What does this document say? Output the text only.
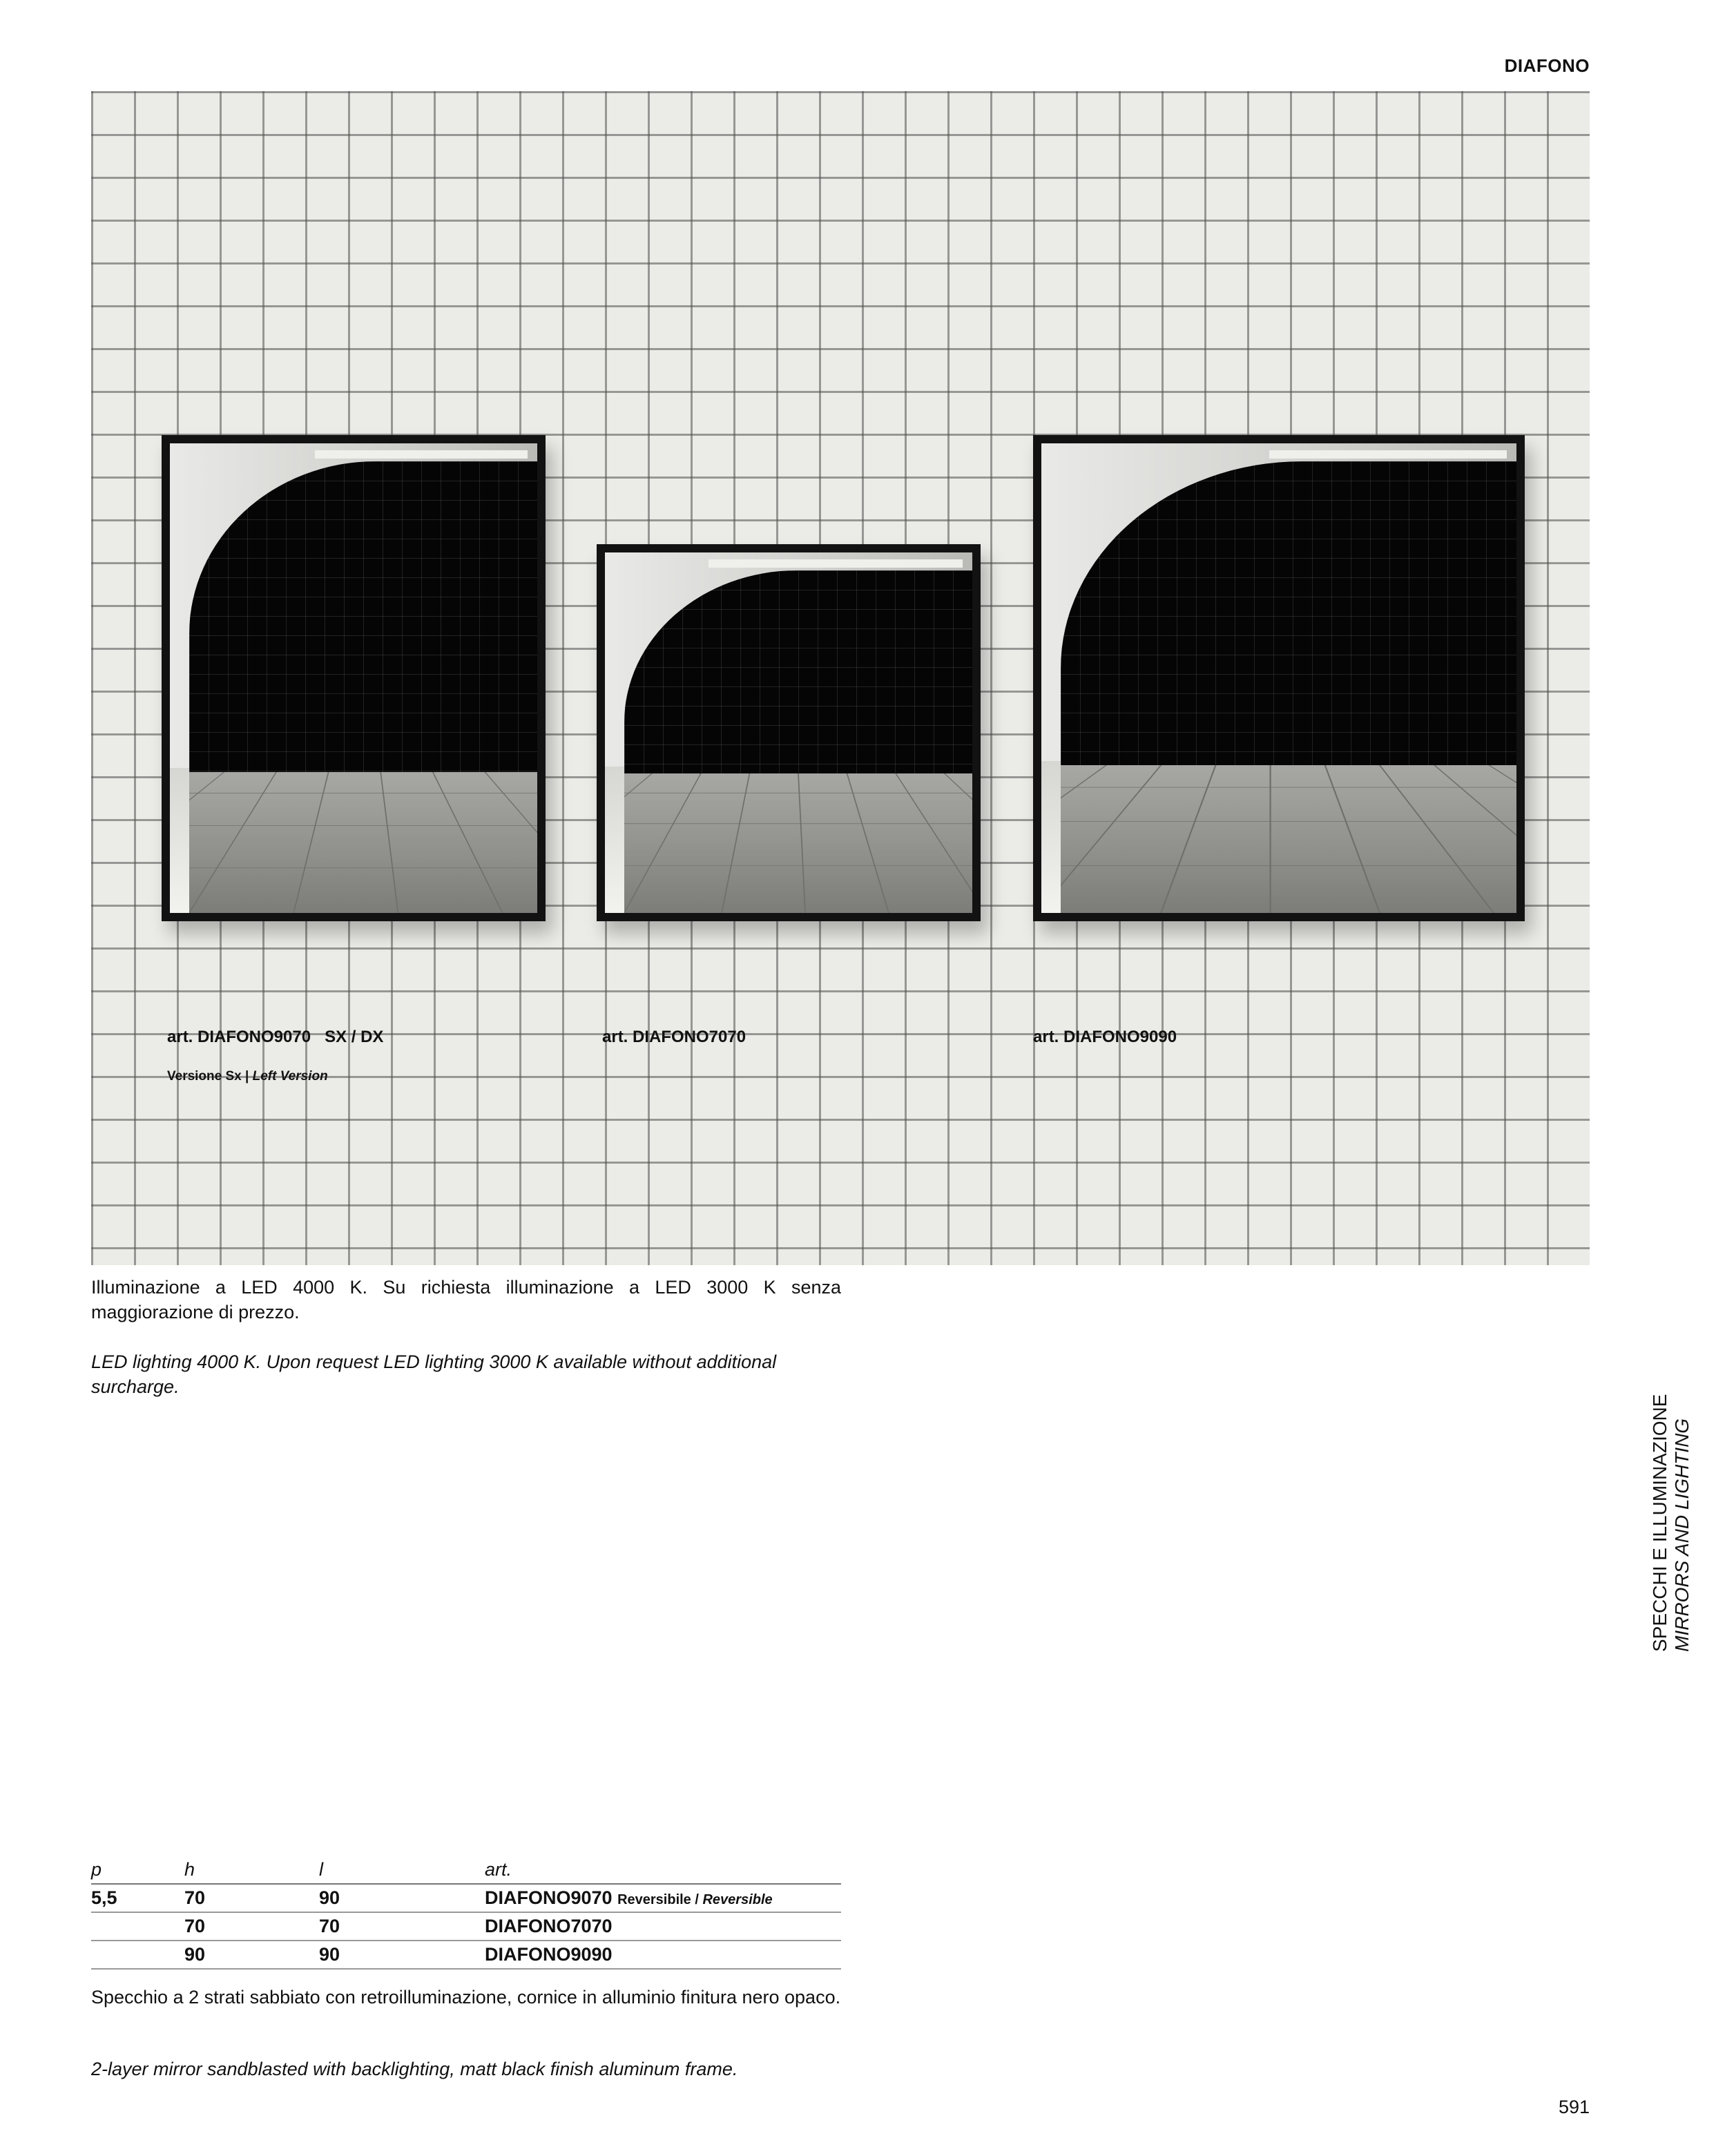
DIAFONO
art. DIAFONO9070   SX / DX
Versione Sx | Left Version
art. DIAFONO7070	art. DIAFONO9090

Illuminazione a LED 4000 K. Su richiesta illuminazione a LED 3000 K senza maggiorazione di prezzo.

LED lighting 4000 K. Upon request LED lighting 3000 K available without additional surcharge.

SPECCHI E ILLUMINAZIONE MIRRORS AND LIGHTING
p	h	l	art.
5,5	70	90	DIAFONO9070 Reversibile / Reversible
	70	70	DIAFONO7070
	90	90	DIAFONO9090

Specchio a 2 strati sabbiato con retroilluminazione, cornice in alluminio finitura nero opaco.

2-layer mirror sandblasted with backlighting, matt black finish aluminum frame.

591
